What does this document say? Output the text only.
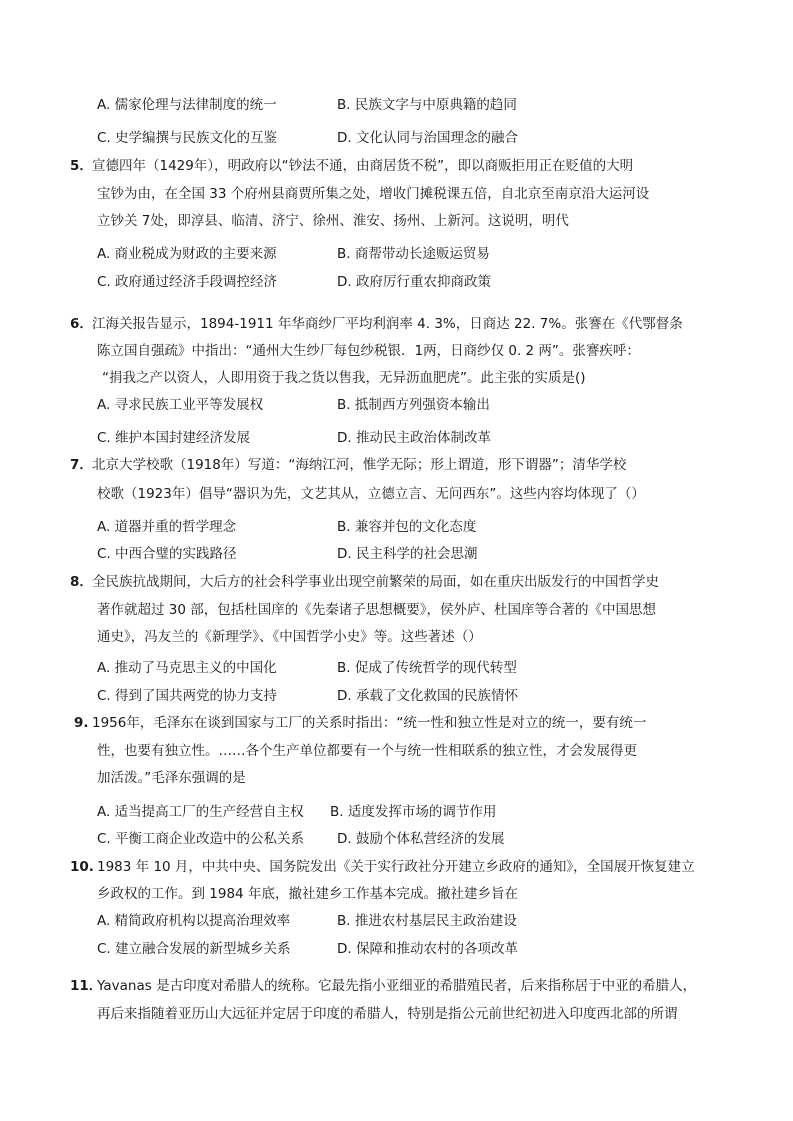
A. 儒家伦理与法律制度的统一	B. 民族文字与中原典籍的趋同
C. 史学编撰与民族文化的互鉴	D. 文化认同与治国理念的融合
5． 宣德四年（1429年），明政府以“钞法不通，由商居货不税”，即以商贩拒用正在贬值的大明
宝钞为由，在全国 33 个府州县商贾所集之处，增收门摊税课五倍，自北京至南京沿大运河设
立钞关 7处，即淳县、临清、济宁、徐州、淮安、扬州、上新河。这说明，明代
A. 商业税成为财政的主要来源	B. 商帮带动长途贩运贸易
C. 政府通过经济手段调控经济	D. 政府厉行重农抑商政策
6． 江海关报告显示，1894-1911 年华商纱厂平均利润率 4. 3%，日商达 22. 7%。张謇在《代鄂督条
陈立国自强疏》中指出：“通州大生纱厂每包纱税银．1两，日商纱仅 0. 2 两”。张謇疾呼：
“捐我之产以资人，人即用资于我之货以售我，无异沥血肥虎”。此主张的实质是()
A. 寻求民族工业平等发展权	B. 抵制西方列强资本输出
C. 维护本国封建经济发展	D. 推动民主政治体制改革
7． 北京大学校歌（1918年）写道：“海纳江河，惟学无际；形上谓道，形下谓器”；清华学校
校歌（1923年）倡导“器识为先，文艺其从，立德立言、无问西东”。这些内容均体现了（）
A. 道器并重的哲学理念	B. 兼容并包的文化态度
C. 中西合璧的实践路径	D. 民主科学的社会思潮
8． 全民族抗战期间，大后方的社会科学事业出现空前繁荣的局面，如在重庆出版发行的中国哲学史
著作就超过 30 部，包括杜国庠的《先秦诸子思想概要》，侯外庐、杜国庠等合著的《中国思想
通史》，冯友兰的《新理学》、《中国哲学小史》等。这些著述（）
A. 推动了马克思主义的中国化	B. 促成了传统哲学的现代转型
C. 得到了国共两党的协力支持	D. 承载了文化救国的民族情怀
9. 1956年，毛泽东在谈到国家与工厂的关系时指出：“统一性和独立性是对立的统一，要有统一
性，也要有独立性。……各个生产单位都要有一个与统一性相联系的独立性，才会发展得更
加活泼。”毛泽东强调的是
A. 适当提高工厂的生产经营自主权 B. 适度发挥市场的调节作用
C. 平衡工商企业改造中的公私关系 D. 鼓励个体私营经济的发展
10. 1983 年 10 月，中共中央、国务院发出《关于实行政社分开建立乡政府的通知》，全国展开恢复建立
乡政权的工作。到 1984 年底，撤社建乡工作基本完成。撤社建乡旨在
A. 精简政府机构以提高治理效率	B. 推进农村基层民主政治建设
C. 建立融合发展的新型城乡关系	D. 保障和推动农村的各项改革
11．
Yavanas 是古印度对希腊人的统称。它最先指小亚细亚的希腊殖民者，后来指称居于中亚的希腊人，
再后来指随着亚历山大远征并定居于印度的希腊人，特别是指公元前世纪初进入印度西北部的所谓
